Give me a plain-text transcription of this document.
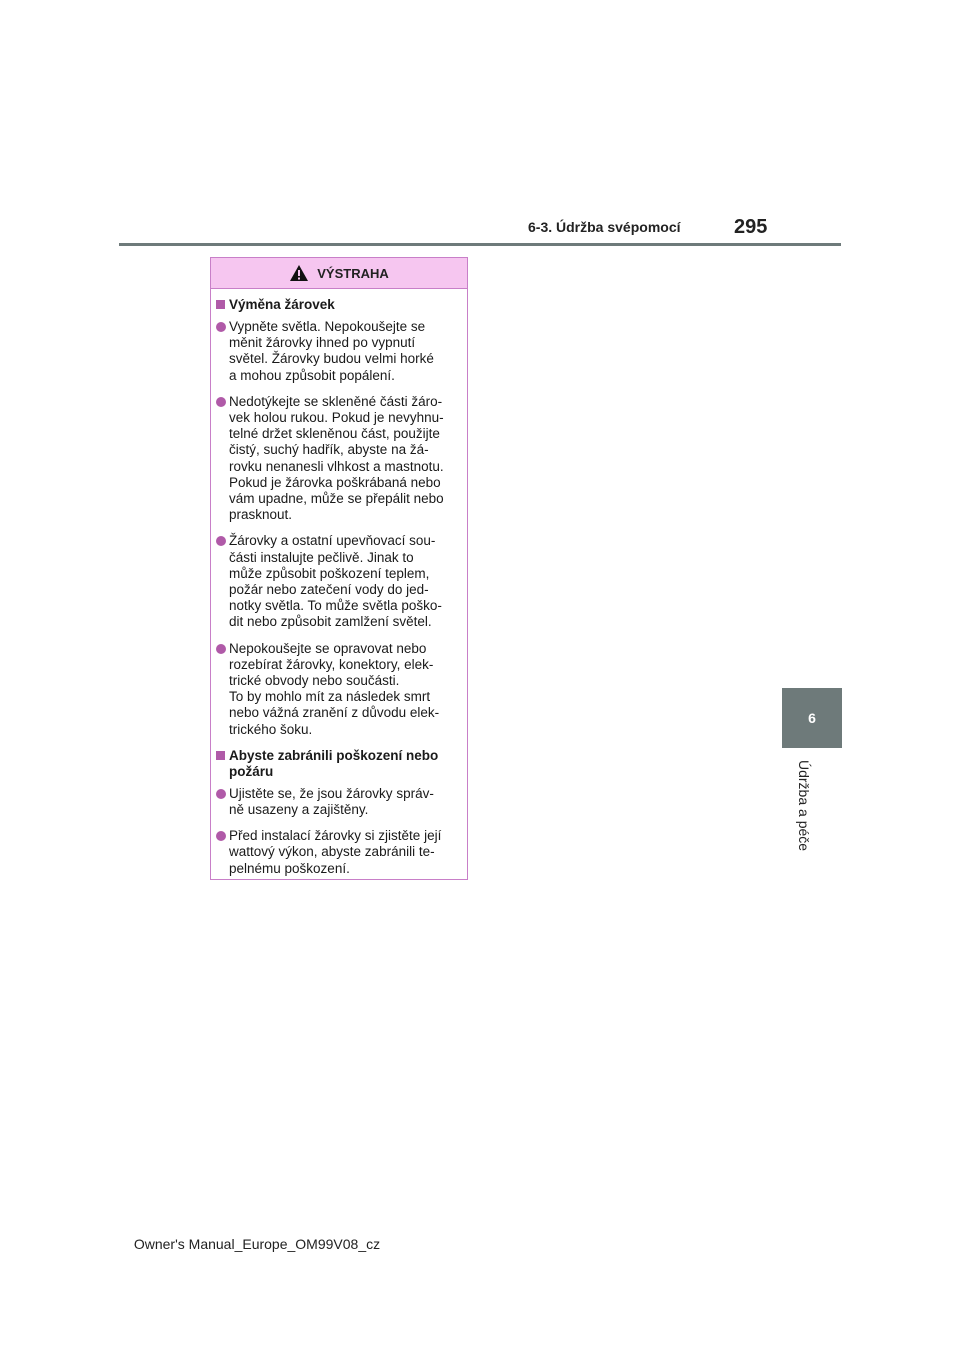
6-3. Údržba svépomocí	295
6
Údržba a péče
VÝSTRAHA
Výměna žárovek
Vypněte světla. Nepokoušejte se
měnit žárovky ihned po vypnutí
světel. Žárovky budou velmi horké
a mohou způsobit popálení.
Nedotýkejte se skleněné části žáro-
vek holou rukou. Pokud je nevyhnu-
telné držet skleněnou část, použijte
čistý, suchý hadřík, abyste na žá-
rovku nenanesli vlhkost a mastnotu.
Pokud je žárovka poškrábaná nebo
vám upadne, může se přepálit nebo
prasknout.
Žárovky a ostatní upevňovací sou-
části instalujte pečlivě. Jinak to
může způsobit poškození teplem,
požár nebo zatečení vody do jed-
notky světla. To může světla poško-
dit nebo způsobit zamlžení světel.
Nepokoušejte se opravovat nebo
rozebírat žárovky, konektory, elek-
trické obvody nebo součásti.
To by mohlo mít za následek smrt
nebo vážná zranění z důvodu elek-
trického šoku.
Abyste zabránili poškození nebo
požáru
Ujistěte se, že jsou žárovky správ-
ně usazeny a zajištěny.
Před instalací žárovky si zjistěte její
wattový výkon, abyste zabránili te-
pelnému poškození.
Owner's Manual_Europe_OM99V08_cz
